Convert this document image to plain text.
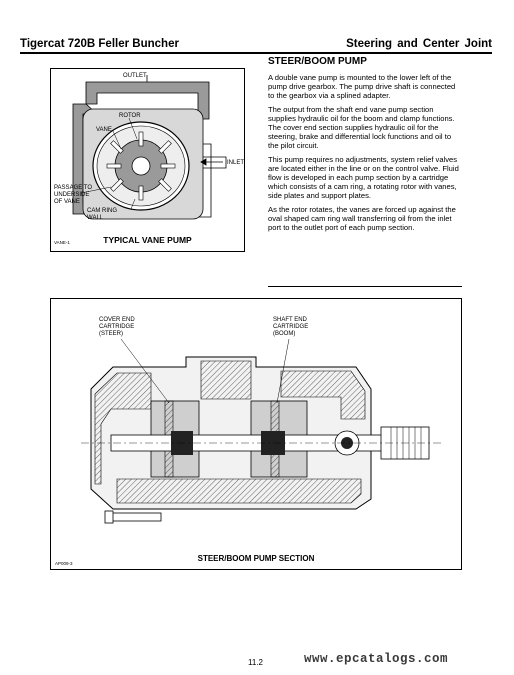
Tigercat 720B Feller Buncher	Steering and Center Joint
OUTLET
ROTOR
VANE
INLET
PASSAGE TO
UNDERSIDE
OF VANE
CAM RING
WALL
VANE-1	TYPICAL VANE PUMP
STEER/BOOM PUMP

A double vane pump is mounted to the lower left of the pump drive gearbox. The pump drive shaft is connected to the gearbox via a splined adapter.

The output from the shaft end vane pump section supplies hydraulic oil for the boom and clamp functions. The cover end section supplies hydraulic oil for the steering, brake and differential lock functions and oil to the pilot circuit.

This pump requires no adjustments, system relief valves are located either in the line or on the control valve. Fluid flow is developed in each pump section by a cartridge which consists of a cam ring, a rotating rotor with vanes, side plates and support plates.

As the rotor rotates, the vanes are forced up against the oval shaped cam ring wall transferring oil from the inlet port to the outlet port of each pump section.

COVER END
CARTRIDGE
(STEER)
SHAFT END
CARTRIDGE
(BOOM)
AP009-3
STEER/BOOM PUMP SECTION
11.2	www.epcatalogs.com
